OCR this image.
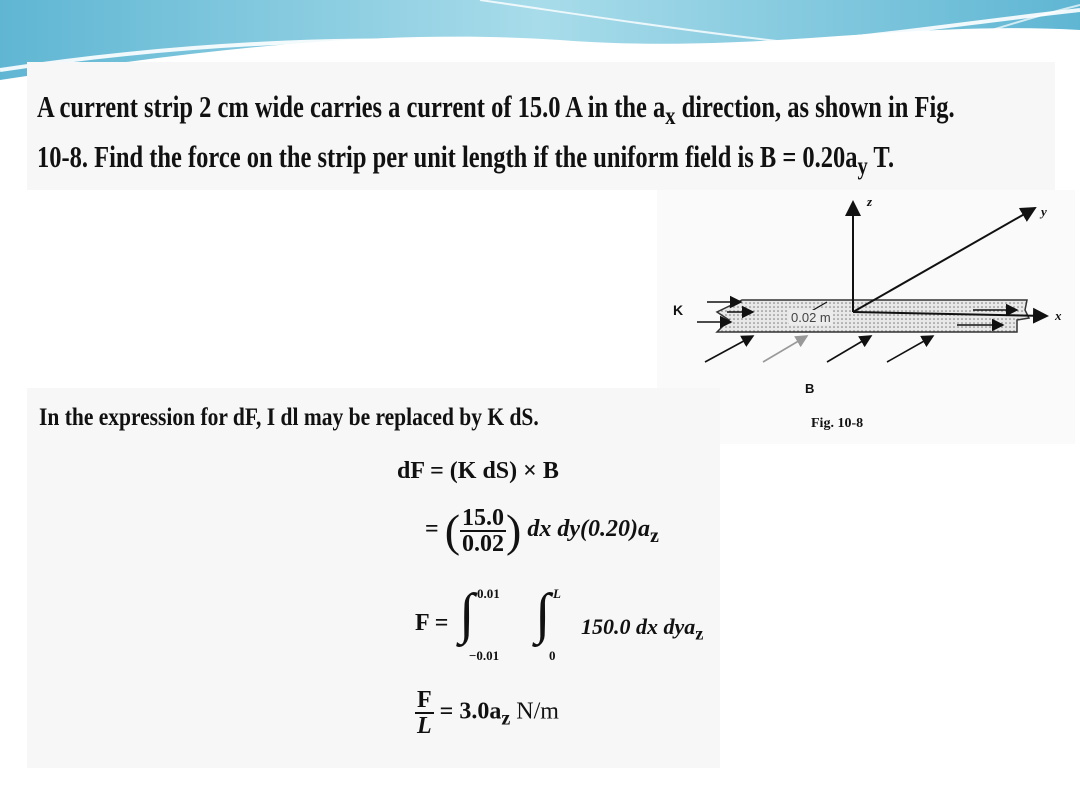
A current strip 2 cm wide carries a current of 15.0 A in the $a_x$ direction, as shown in Fig.
10-8. Find the force on the strip per unit length if the uniform field is $B = 0.20a_y$ T.
z
y
x
K	0.02 m
B
Fig. 10-8
In the expression for dF, I dl may be replaced by K dS.
dF = (K dS) × B
= ( $\frac{15.0}{0.02}$ ) dx $dy(0.20)a_z$
F = ∫ 0.01
−0.01
∫ L
0
150.0 dx dya$_z$
$\frac{F}{L} = 3.0a_z$ N/m
